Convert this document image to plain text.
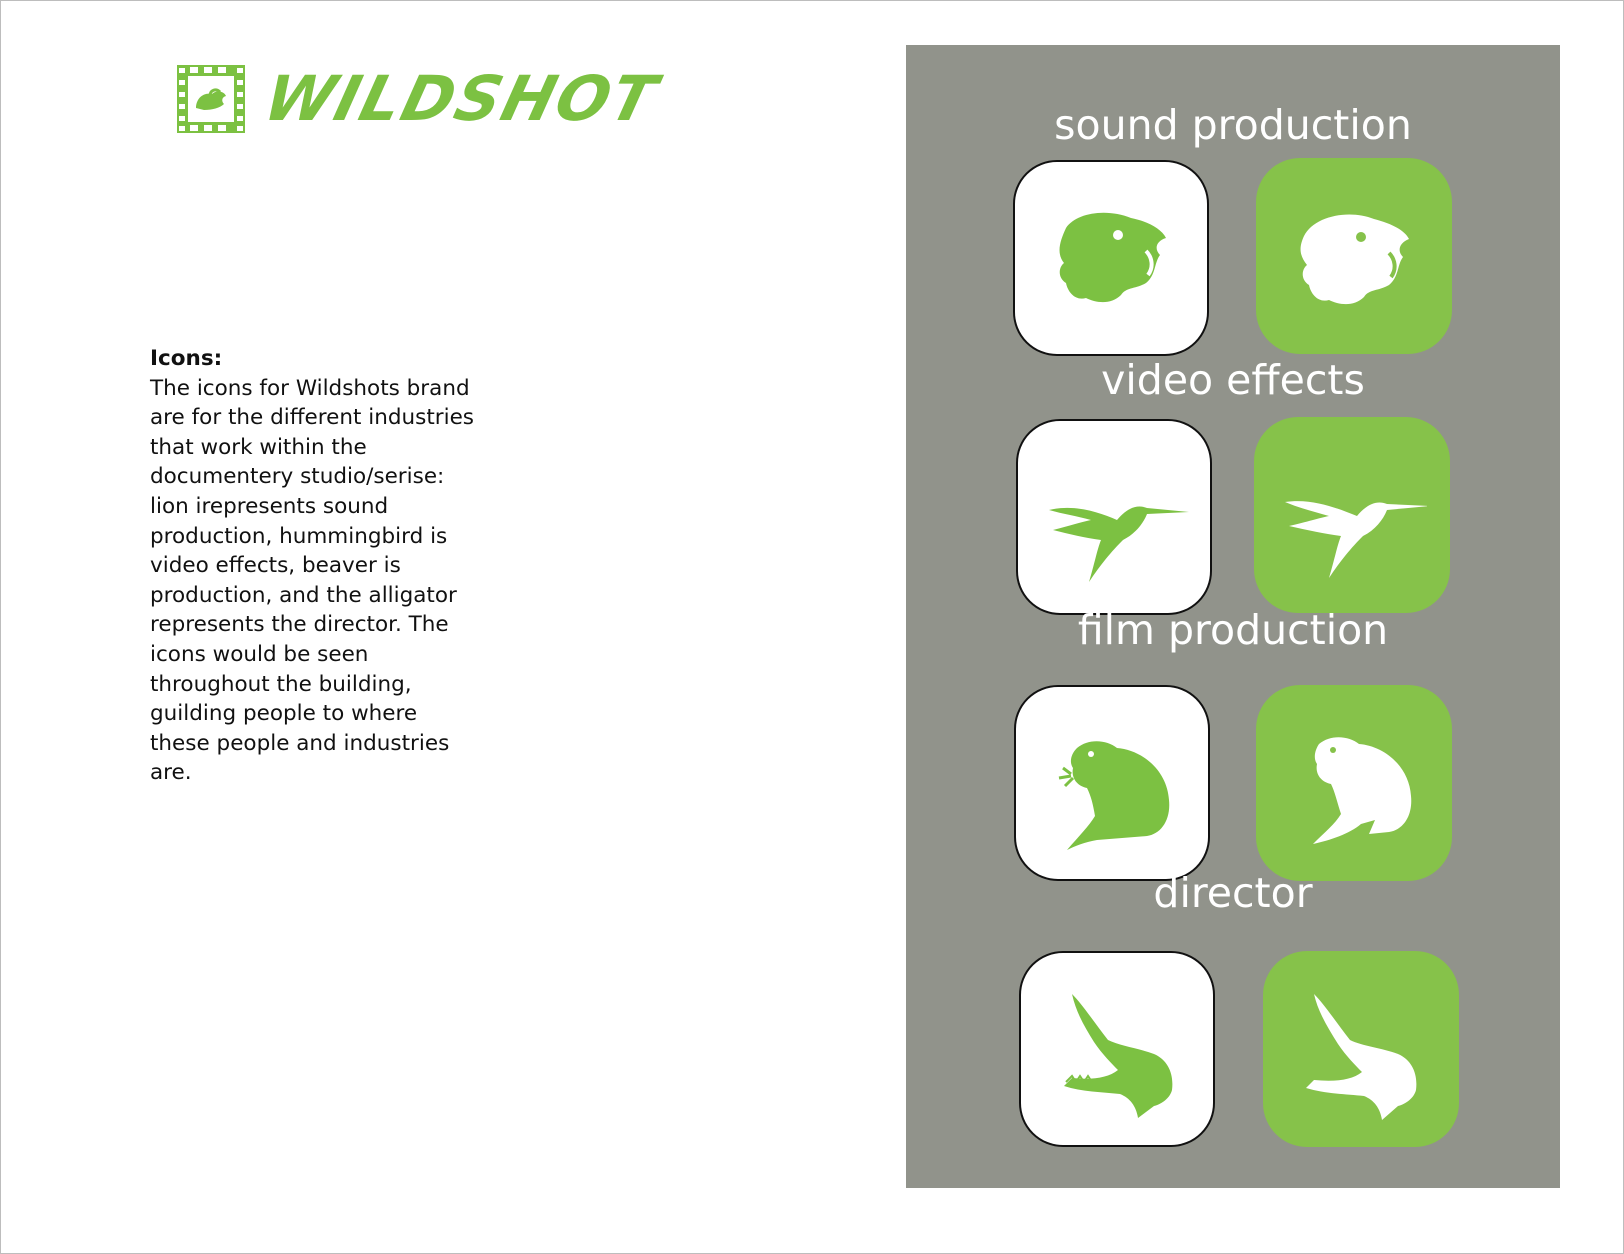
WILDSHOT
Icons:
The icons for Wildshots brand are for the different industries that work within the documentery studio/serise: lion irepresents sound production, hummingbird is video effects, beaver is production, and the alligator represents the director. The icons would be seen throughout the building, guilding people to where these people and industries are.
sound production
video effects
film production
director
